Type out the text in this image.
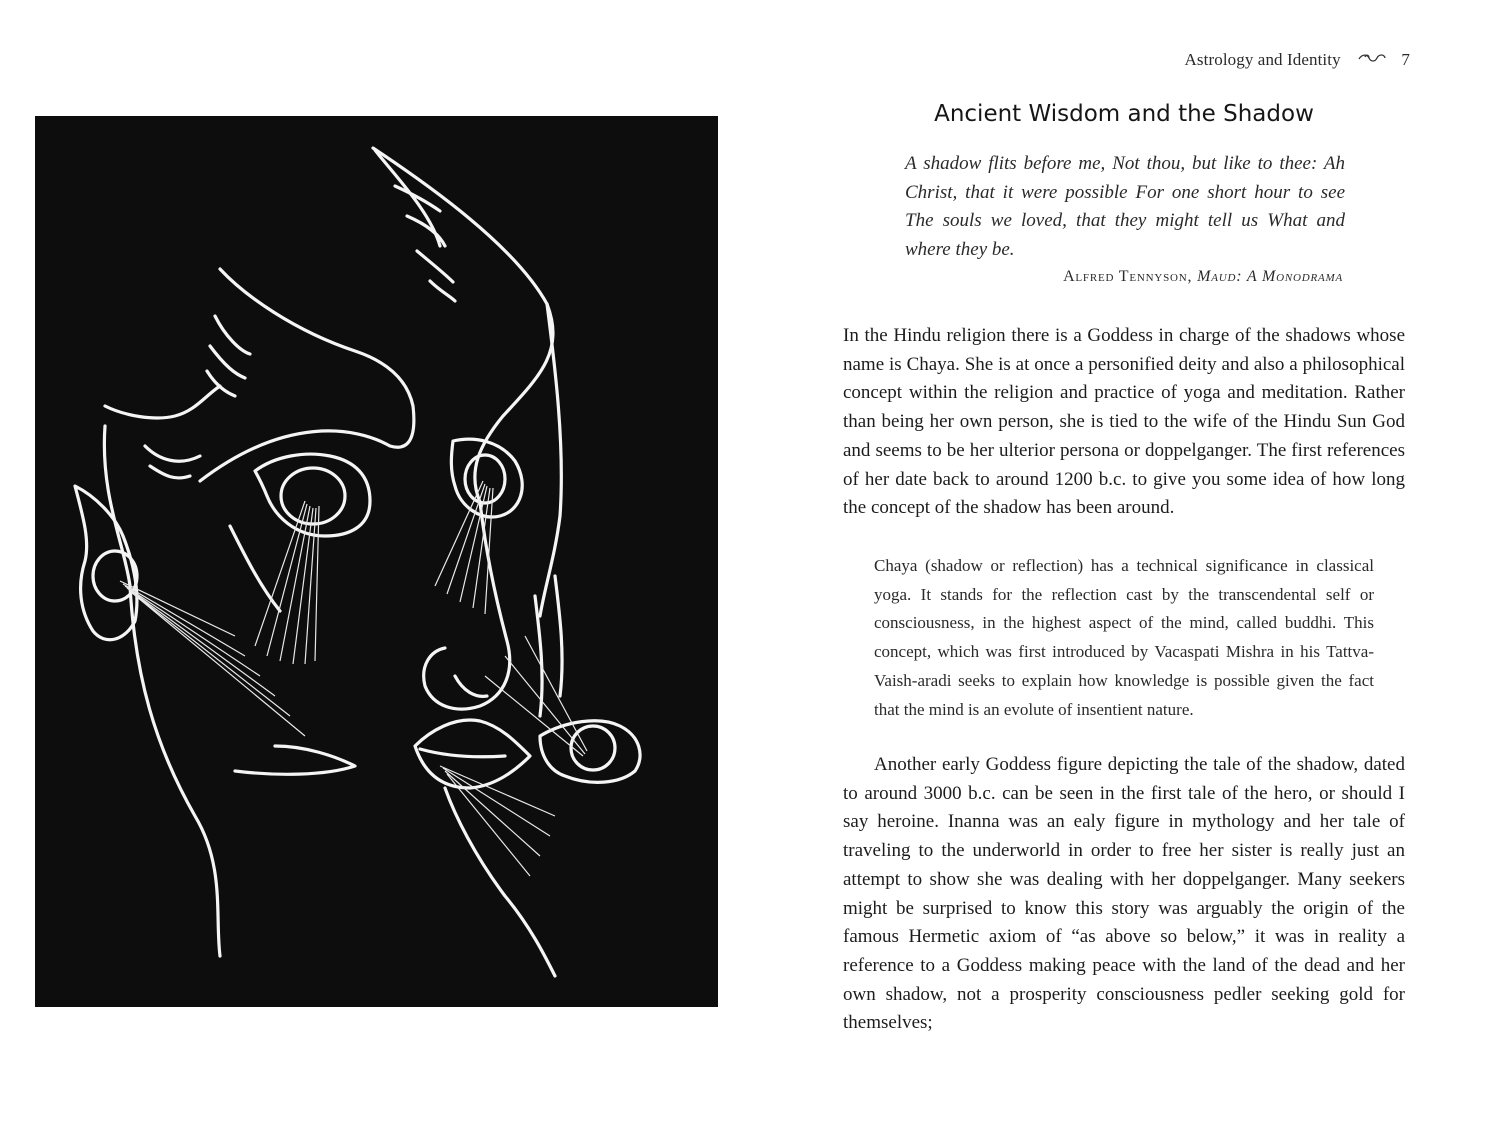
Astrology and Identity	7
Ancient Wisdom and the Shadow

A shadow flits before me, Not thou, but like to thee: Ah Christ, that it were possible For one short hour to see The souls we loved, that they might tell us What and where they be.

Alfred Tennyson, Maud: A Monodrama

In the Hindu religion there is a Goddess in charge of the shadows whose name is Chaya. She is at once a personified deity and also a philosophical concept within the religion and practice of yoga and meditation. Rather than being her own person, she is tied to the wife of the Hindu Sun God and seems to be her ulterior persona or doppelganger. The first references of her date back to around 1200 b.c. to give you some idea of how long the concept of the shadow has been around.

Chaya (shadow or reflection) has a technical significance in classical yoga. It stands for the reflection cast by the transcendental self or consciousness, in the highest aspect of the mind, called buddhi. This concept, which was first introduced by Vacaspati Mishra in his Tattva-Vaish-aradi seeks to explain how knowledge is possible given the fact that the mind is an evolute of insentient nature.

Another early Goddess figure depicting the tale of the shadow, dated to around 3000 b.c. can be seen in the first tale of the hero, or should I say heroine. Inanna was an ealy figure in mythology and her tale of traveling to the underworld in order to free her sister is really just an attempt to show she was dealing with her doppelganger. Many seekers might be surprised to know this story was arguably the origin of the famous Hermetic axiom of “as above so below,” it was in reality a reference to a Goddess making peace with the land of the dead and her own shadow, not a prosperity consciousness pedler seeking gold for themselves;
